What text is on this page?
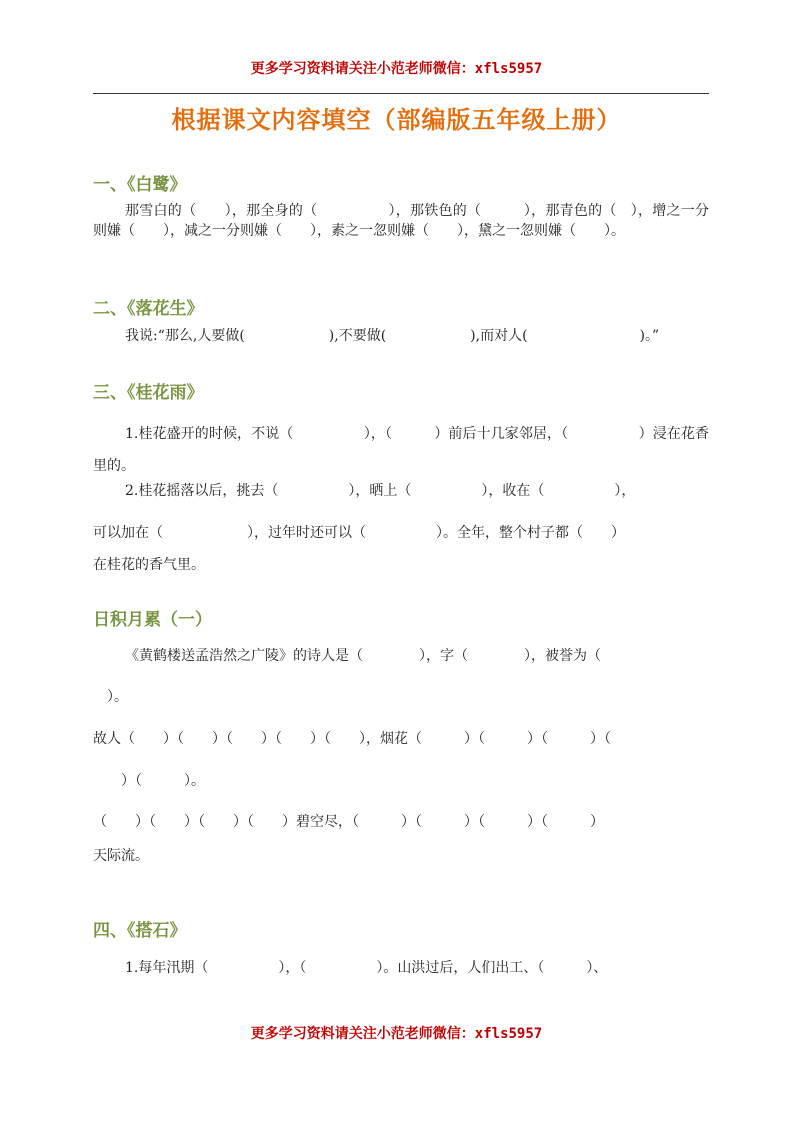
更多学习资料请关注小范老师微信：xfls5957
根据课文内容填空（部编版五年级上册）
一、《白鹭》

那雪白的（　　），那全身的（　　　　　），那铁色的（　　　），那青色的（　），增之一分则嫌（　　），减之一分则嫌（　　），素之一忽则嫌（　　），黛之一忽则嫌（　　）。

二、《落花生》

我说:“那么,人要做(　　　　　　),不要做(　　　　　　),而对人(　　　　　　　　)。”

三、《桂花雨》

1.桂花盛开的时候，不说（　　　　　），（　　　）前后十几家邻居，（　　　　　）浸在花香里的。

2.桂花摇落以后，挑去（　　　　　），晒上（　　　　　），收在（　　　　　），

可以加在（　　　　　　），过年时还可以（　　　　　）。全年，整个村子都（　　）

在桂花的香气里。

日积月累（一）

《黄鹤楼送孟浩然之广陵》的诗人是（　　　　），字（　　　　），被誉为（

　）。

故人（　　）（　　）（　　）（　　）（　　），烟花（　　　）（　　　）（　　　）（

　　）（　　　）。

（　　）（　　）（　　）（　　）碧空尽，（　　　）（　　　）（　　　）（　　　）

天际流。

四、《搭石》

1.每年汛期（　　　　　），（　　　　　）。山洪过后，人们出工、（　　　）、

更多学习资料请关注小范老师微信：xfls5957
